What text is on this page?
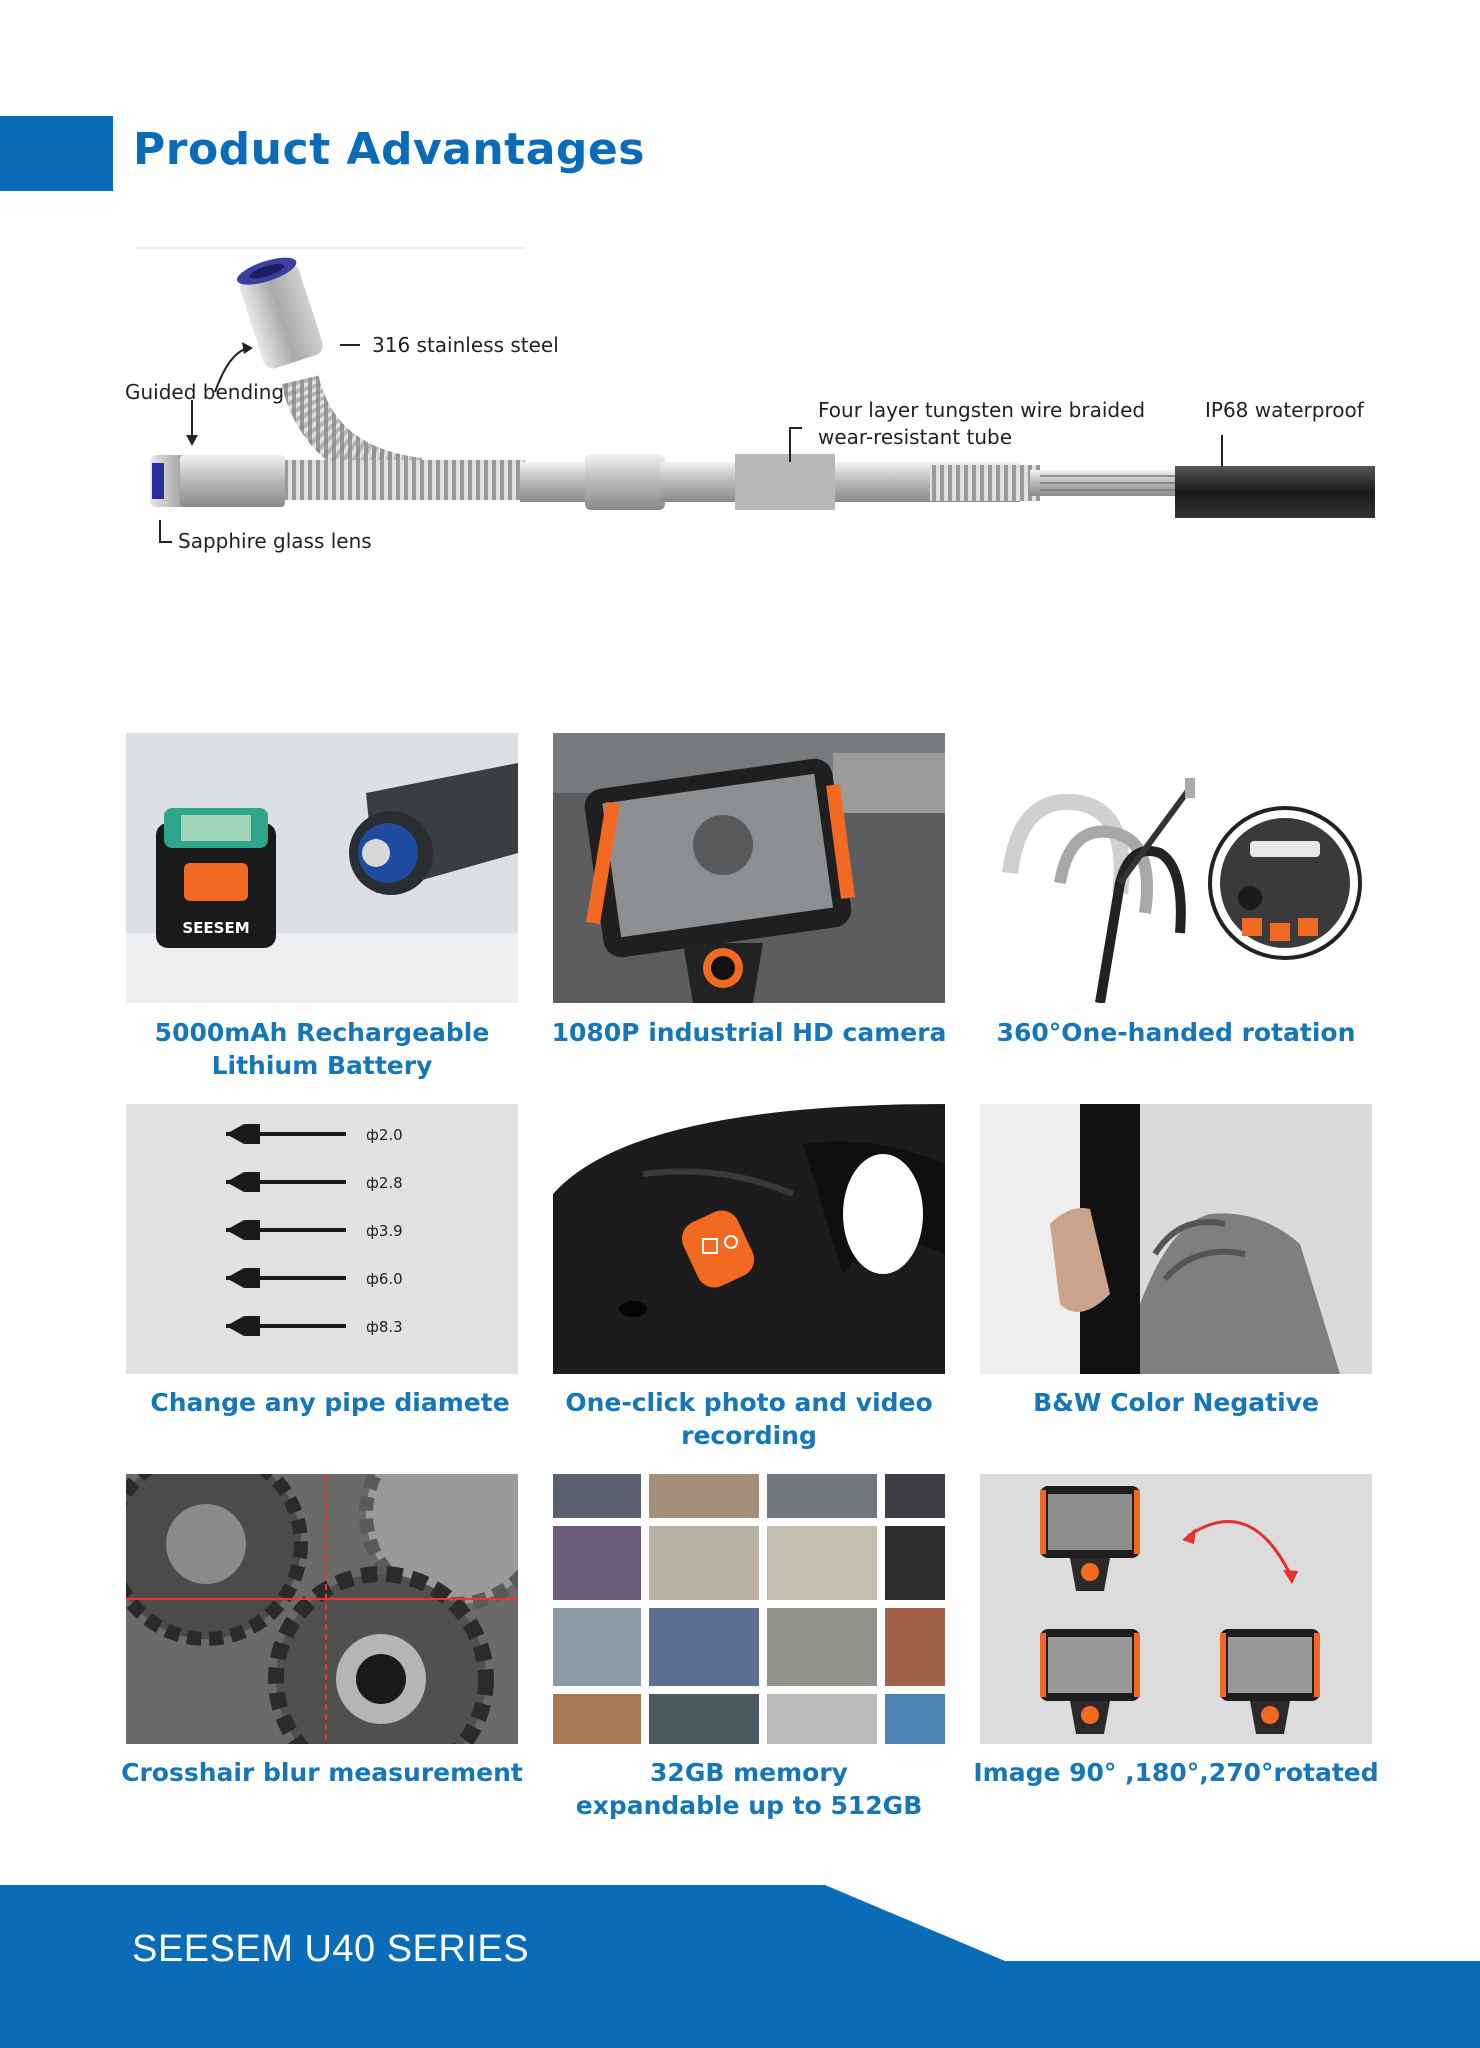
Product Advantages
316 stainless steel
Guided bending
Sapphire glass lens
Four layer tungsten wire braided
wear-resistant tube
IP68 waterproof
SEESEM
ф2.0
ф2.8
ф3.9
ф6.0
ф8.3
5000mAh Rechargeable
Lithium Battery
1080P industrial HD camera	360°One-handed rotation
Change any pipe diamete	One-click photo and video recording
B&W Color Negative
Crosshair blur measurement	32GB memory
expandable up to 512GB
Image 90° ,180°,270°rotated
SEESEM U40 SERIES
